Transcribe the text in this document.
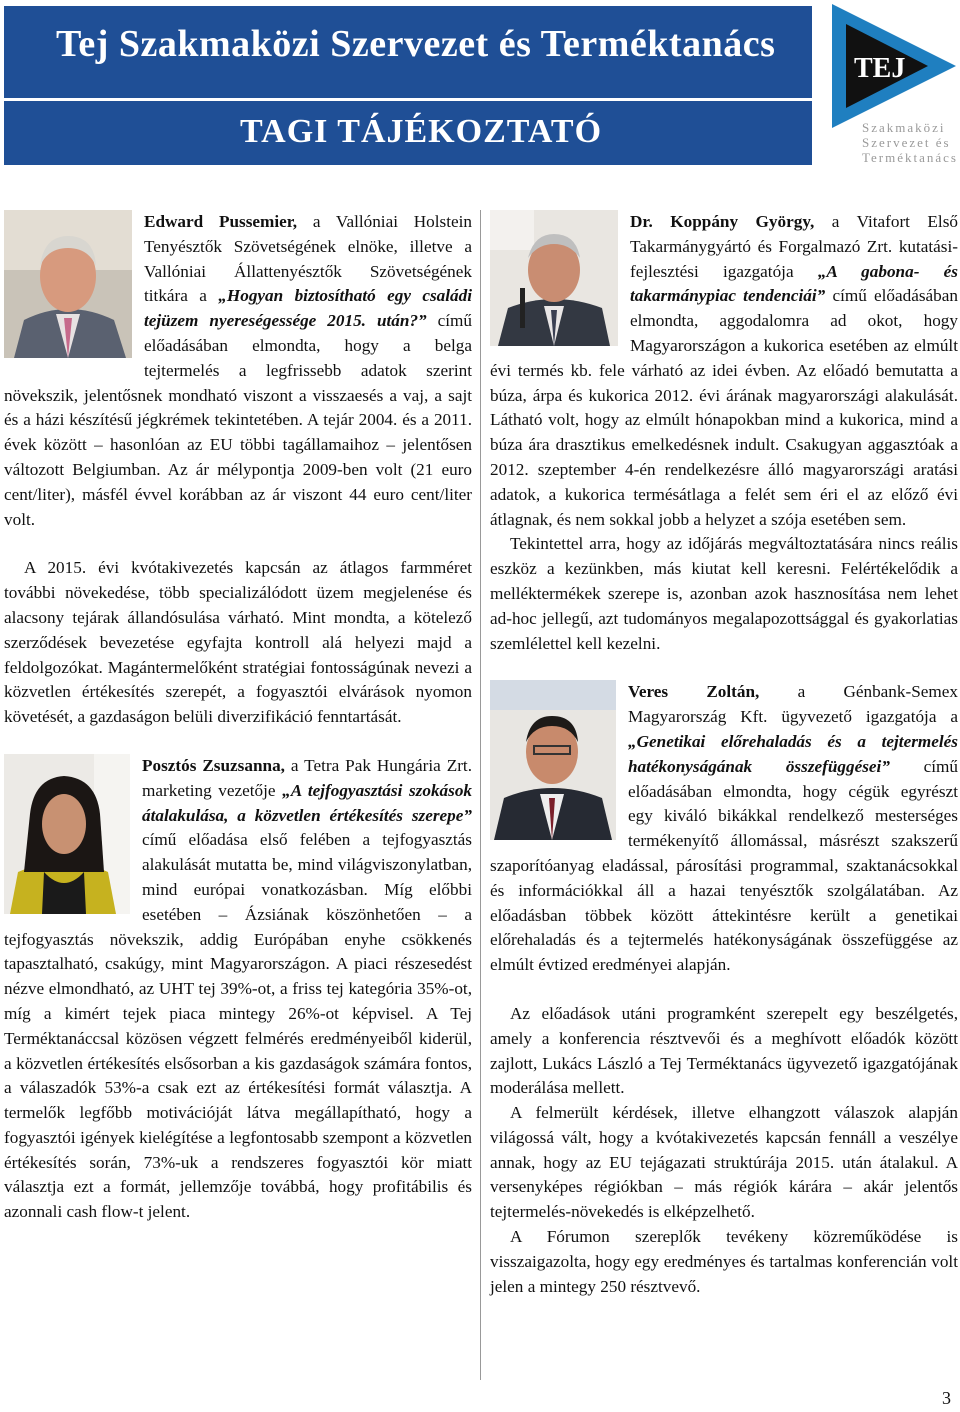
Tej Szakmaközi Szervezet és Terméktanács
TAGI TÁJÉKOZTATÓ
TEJ
Szakmaközi
Szervezet és
Terméktanács

Edward Pussemier, a Vallóniai Holstein Tenyésztők Szövetségének elnöke, illetve a Vallóniai Állattenyésztők Szövetségének titkára a „Hogyan biztosítható egy családi tejüzem nyereségessége 2015. után?” című előadásában elmondta, hogy a belga tejtermelés a legfrissebb adatok szerint növekszik, jelentősnek mondható viszont a visszaesés a vaj, a sajt és a házi készítésű jégkrémek tekintetében. A tejár 2004. és a 2011. évek között – hasonlóan az EU többi tagállamaihoz – jelentősen változott Belgiumban. Az ár mélypontja 2009-ben volt (21 euro cent/liter), másfél évvel korábban az ár viszont 44 euro cent/liter volt.

A 2015. évi kvótakivezetés kapcsán az átlagos farmméret további növekedése, több specializálódott üzem megjelenése és alacsony tejárak állandósulása várható. Mint mondta, a kötelező szerződések bevezetése egyfajta kontroll alá helyezi majd a feldolgozókat. Magántermelőként stratégiai fontosságúnak nevezi a közvetlen értékesítés szerepét, a fogyasztói elvárások nyomon követését, a gazdaságon belüli diverzifikáció fenntartását.

Posztós Zsuzsanna, a Tetra Pak Hungária Zrt. marketing vezetője „A tejfogyasztási szokások átalakulása, a közvetlen értékesítés szerepe” című előadása első felében a tejfogyasztás alakulását mutatta be, mind világviszonylatban, mind európai vonatkozásban. Míg előbbi esetében – Ázsiának köszönhetően – a tejfogyasztás növekszik, addig Európában enyhe csökkenés tapasztalható, csakúgy, mint Magyarországon. A piaci részesedést nézve elmondható, az UHT tej 39%-ot, a friss tej kategória 35%-ot, míg a kimért tejek piaca mintegy 26%-ot képvisel. A Tej Terméktanáccsal közösen végzett felmérés eredményeiből kiderül, a közvetlen értékesítés elsősorban a kis gazdaságok számára fontos, a válaszadók 53%-a csak ezt az értékesítési formát választja. A termelők legfőbb motivációját látva megállapítható, hogy a fogyasztói igények kielégítése a legfontosabb szempont a közvetlen értékesítés során, 73%-uk a rendszeres fogyasztói kör miatt választja ezt a formát, jellemzője továbbá, hogy profitábilis és azonnali cash flow-t jelent.

Dr. Koppány György, a Vitafort Első Takarmánygyártó és Forgalmazó Zrt. kutatási-fejlesztési igazgatója „A gabona- és takarmánypiac tendenciái” című előadásában elmondta, aggodalomra ad okot, hogy Magyarországon a kukorica esetében az elmúlt évi termés kb. fele várható az idei évben. Az előadó bemutatta a búza, árpa és kukorica 2012. évi árának magyarországi alakulását. Látható volt, hogy az elmúlt hónapokban mind a kukorica, mind a búza ára drasztikus emelkedésnek indult. Csakugyan aggasztóak a 2012. szeptember 4-én rendelkezésre álló magyarországi aratási adatok, a kukorica termésátlaga a felét sem éri el az előző évi átlagnak, és nem sokkal jobb a helyzet a szója esetében sem.

Tekintettel arra, hogy az időjárás megváltoztatására nincs reális eszköz a kezünkben, más kiutat kell keresni. Felértékelődik a melléktermékek szerepe is, azonban azok hasznosítása nem lehet ad-hoc jellegű, azt tudományos megalapozottsággal és gyakorlatias szemlélettel kell kezelni.

Veres Zoltán, a Génbank-Semex Magyarország Kft. ügyvezető igazgatója a „Genetikai előrehaladás és a tejtermelés hatékonyságának összefüggései” című előadásában elmondta, hogy cégük egyrészt egy kiváló bikákkal rendelkező mesterséges termékenyítő állomással, másrészt szakszerű szaporítóanyag eladással, párosítási programmal, szaktanácsokkal és információkkal áll a hazai tenyésztők szolgálatában. Az előadásban többek között áttekintésre került a genetikai előrehaladás és a tejtermelés hatékonyságának összefüggése az elmúlt évtized eredményei alapján.

Az előadások utáni programként szerepelt egy beszélgetés, amely a konferencia résztvevői és a meghívott előadók között zajlott, Lukács László a Tej Terméktanács ügyvezető igazgatójának moderálása mellett.

A felmerült kérdések, illetve elhangzott válaszok alapján világossá vált, hogy a kvótakivezetés kapcsán fennáll a veszélye annak, hogy az EU tejágazati struktúrája 2015. után átalakul. A versenyképes régiókban – más régiók kárára – akár jelentős tejtermelés-növekedés is elképzelhető.

A Fórumon szereplők tevékeny közreműködése is visszaigazolta, hogy egy eredményes és tartalmas konferencián volt jelen a mintegy 250 résztvevő.

3
